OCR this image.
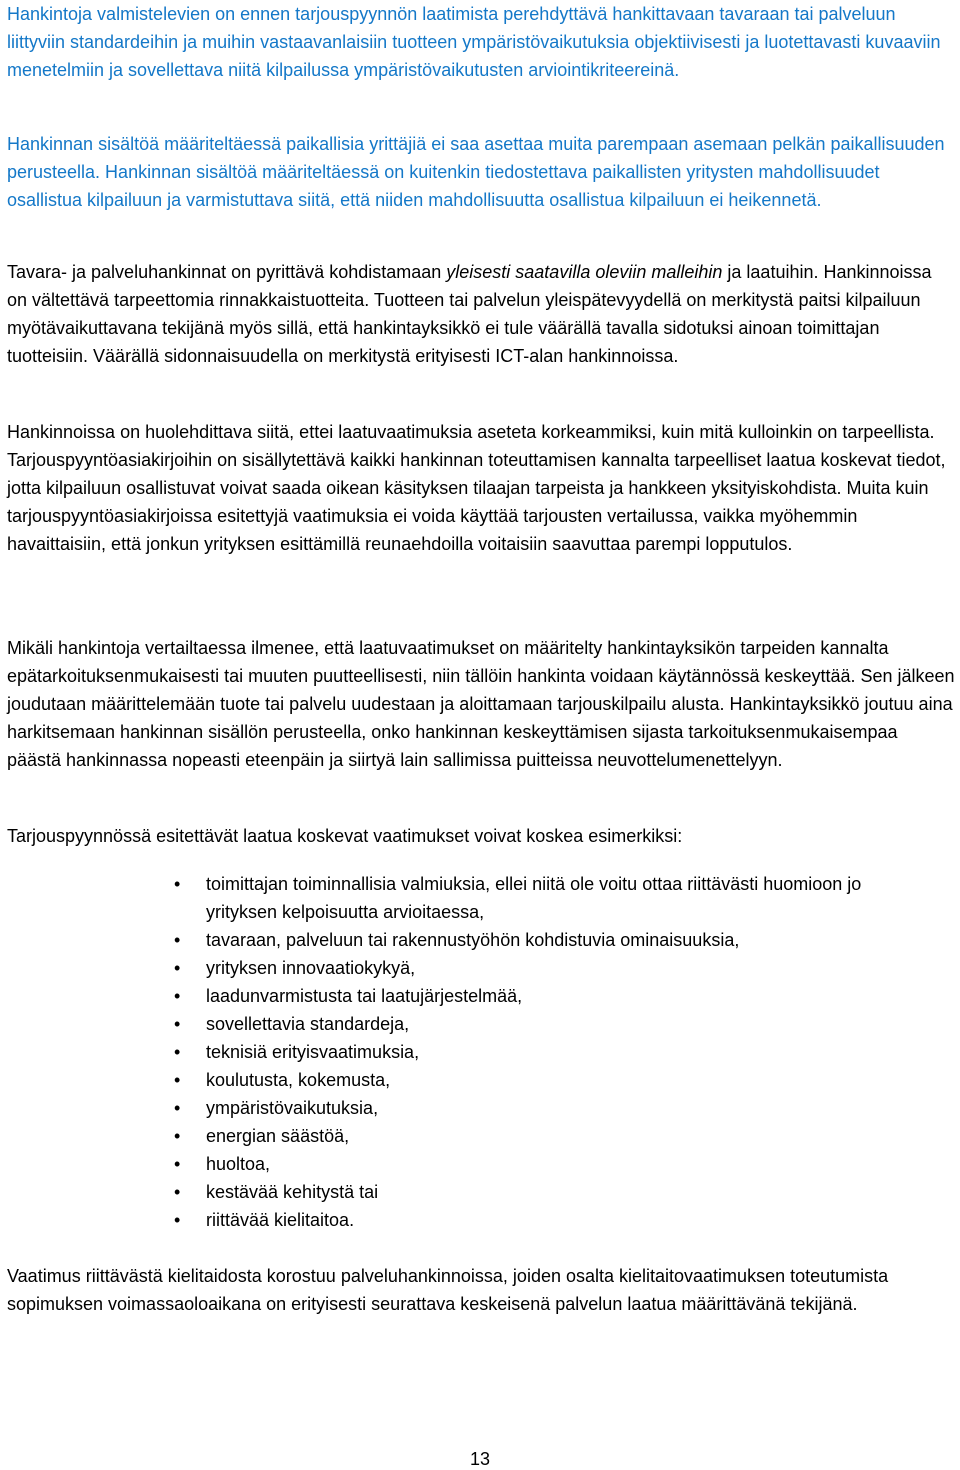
Hankintoja valmistelevien on ennen tarjouspyynnön laatimista perehdyttävä hankittavaan tavaraan tai palveluun liittyviin standardeihin ja muihin vastaavanlaisiin tuotteen ympäristövaikutuksia objektiivisesti ja luotettavasti kuvaaviin menetelmiin ja sovellettava niitä kilpailussa ympäristövaikutusten arviointikriteereinä.

Hankinnan sisältöä määriteltäessä paikallisia yrittäjiä ei saa asettaa muita parempaan asemaan pelkän paikallisuuden perusteella. Hankinnan sisältöä määriteltäessä on kuitenkin tiedostettava paikallisten yritysten mahdollisuudet osallistua kilpailuun ja varmistuttava siitä, että niiden mahdollisuutta osallistua kilpailuun ei heikennetä.

Tavara- ja palveluhankinnat on pyrittävä kohdistamaan yleisesti saatavilla oleviin malleihin ja laatuihin. Hankinnoissa on vältettävä tarpeettomia rinnakkaistuotteita. Tuotteen tai palvelun yleispätevyydellä on merkitystä paitsi kilpailuun myötävaikuttavana tekijänä myös sillä, että hankintayksikkö ei tule väärällä tavalla sidotuksi ainoan toimittajan tuotteisiin. Väärällä sidonnaisuudella on merkitystä erityisesti ICT-alan hankinnoissa.

Hankinnoissa on huolehdittava siitä, ettei laatuvaatimuksia aseteta korkeammiksi, kuin mitä kulloinkin on tarpeellista. Tarjouspyyntöasiakirjoihin on sisällytettävä kaikki hankinnan toteuttamisen kannalta tarpeelliset laatua koskevat tiedot, jotta kilpailuun osallistuvat voivat saada oikean käsityksen tilaajan tarpeista ja hankkeen yksityiskohdista. Muita kuin tarjouspyyntöasiakirjoissa esitettyjä vaatimuksia ei voida käyttää tarjousten vertailussa, vaikka myöhemmin havaittaisiin, että jonkun yrityksen esittämillä reunaehdoilla voitaisiin saavuttaa parempi lopputulos.

Mikäli hankintoja vertailtaessa ilmenee, että laatuvaatimukset on määritelty hankintayksikön tarpeiden kannalta epätarkoituksenmukaisesti tai muuten puutteellisesti, niin tällöin hankinta voidaan käytännössä keskeyttää. Sen jälkeen joudutaan määrittelemään tuote tai palvelu uudestaan ja aloittamaan tarjouskilpailu alusta. Hankintayksikkö joutuu aina harkitsemaan hankinnan sisällön perusteella, onko hankinnan keskeyttämisen sijasta tarkoituksenmukaisempaa päästä hankinnassa nopeasti eteenpäin ja siirtyä lain sallimissa puitteissa neuvottelumenettelyyn.

Tarjouspyynnössä esitettävät laatua koskevat vaatimukset voivat koskea esimerkiksi:

• toimittajan toiminnallisia valmiuksia, ellei niitä ole voitu ottaa riittävästi huomioon jo yrityksen kelpoisuutta arvioitaessa,
• tavaraan, palveluun tai rakennustyöhön kohdistuvia ominaisuuksia,
• yrityksen innovaatiokykyä,
• laadunvarmistusta tai laatujärjestelmää,
• sovellettavia standardeja,
• teknisiä erityisvaatimuksia,
• koulutusta, kokemusta,
• ympäristövaikutuksia,
• energian säästöä,
• huoltoa,
• kestävää kehitystä tai
• riittävää kielitaitoa.

Vaatimus riittävästä kielitaidosta korostuu palveluhankinnoissa, joiden osalta kielitaitovaatimuksen toteutumista sopimuksen voimassaoloaikana on erityisesti seurattava keskeisenä palvelun laatua määrittävänä tekijänä.

13
